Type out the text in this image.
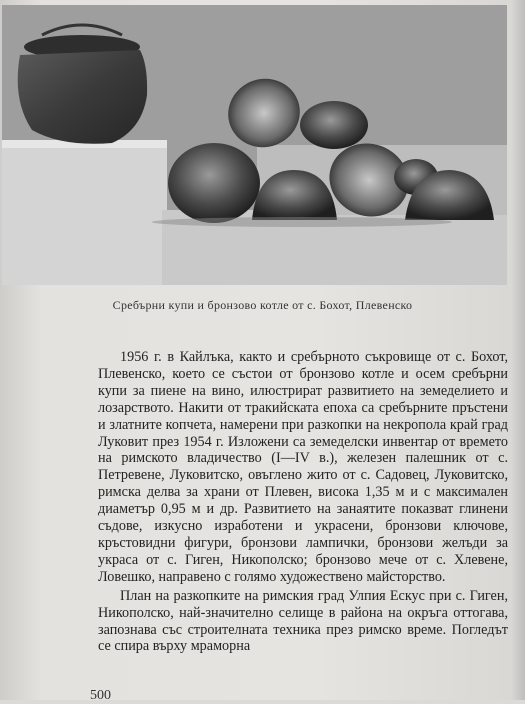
Сребърни купи и бронзово котле от с. Бохот, Плевенско

1956 г. в Кайлъка, както и сребърното съкровище от с. Бохот, Плевенско, което се състои от бронзово котле и осем сребърни купи за пиене на вино, илюстрират развитието на земеделието и лозарството. Накити от тракийската епоха са сребърните пръстени и златните копчета, намерени при разкопки на некропола край град Луковит през 1954 г. Изложени са земеделски инвентар от времето на римското владичество (I—IV в.), железен палешник от с. Петревене, Луковитско, овъглено жито от с. Садовец, Луковитско, римска делва за храни от Плевен, висока 1,35 м и с максимален диаметър 0,95 м и др. Развитието на занаятите показват глинени съдове, изкусно изработени и украсени, бронзови ключове, кръстовидни фигури, бронзови лампички, бронзови желъди за украса от с. Гиген, Никополско; бронзово мече от с. Хлевене, Ловешко, направено с голямо художествено майсторство.

План на разкопките на римския град Улпия Ескус при с. Гиген, Никополско, най-значително селище в района на окръга оттогава, запознава със строителната техника през римско време. Погледът се спира върху мраморна

500
